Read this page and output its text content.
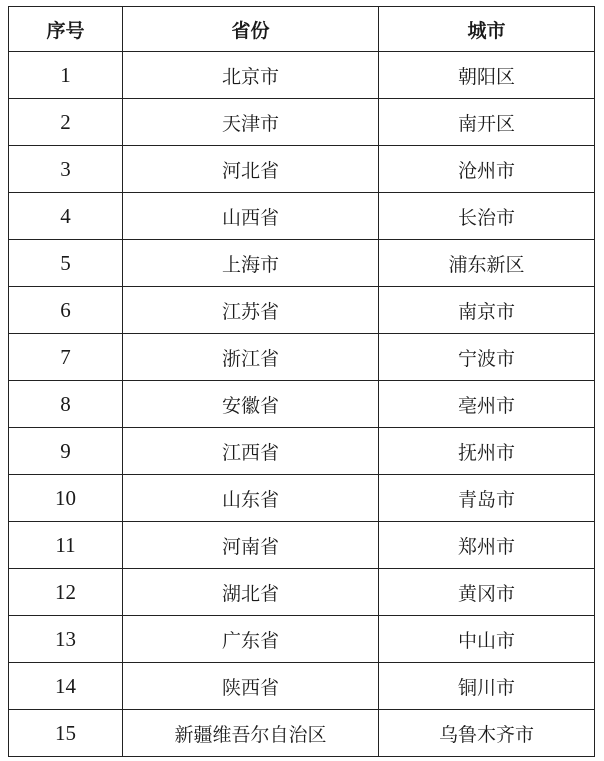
序号	省份	城市
1	北京市	朝阳区
2	天津市	南开区
3	河北省	沧州市
4	山西省	长治市
5	上海市	浦东新区
6	江苏省	南京市
7	浙江省	宁波市
8	安徽省	亳州市
9	江西省	抚州市
10	山东省	青岛市
11	河南省	郑州市
12	湖北省	黄冈市
13	广东省	中山市
14	陕西省	铜川市
15	新疆维吾尔自治区	乌鲁木齐市
